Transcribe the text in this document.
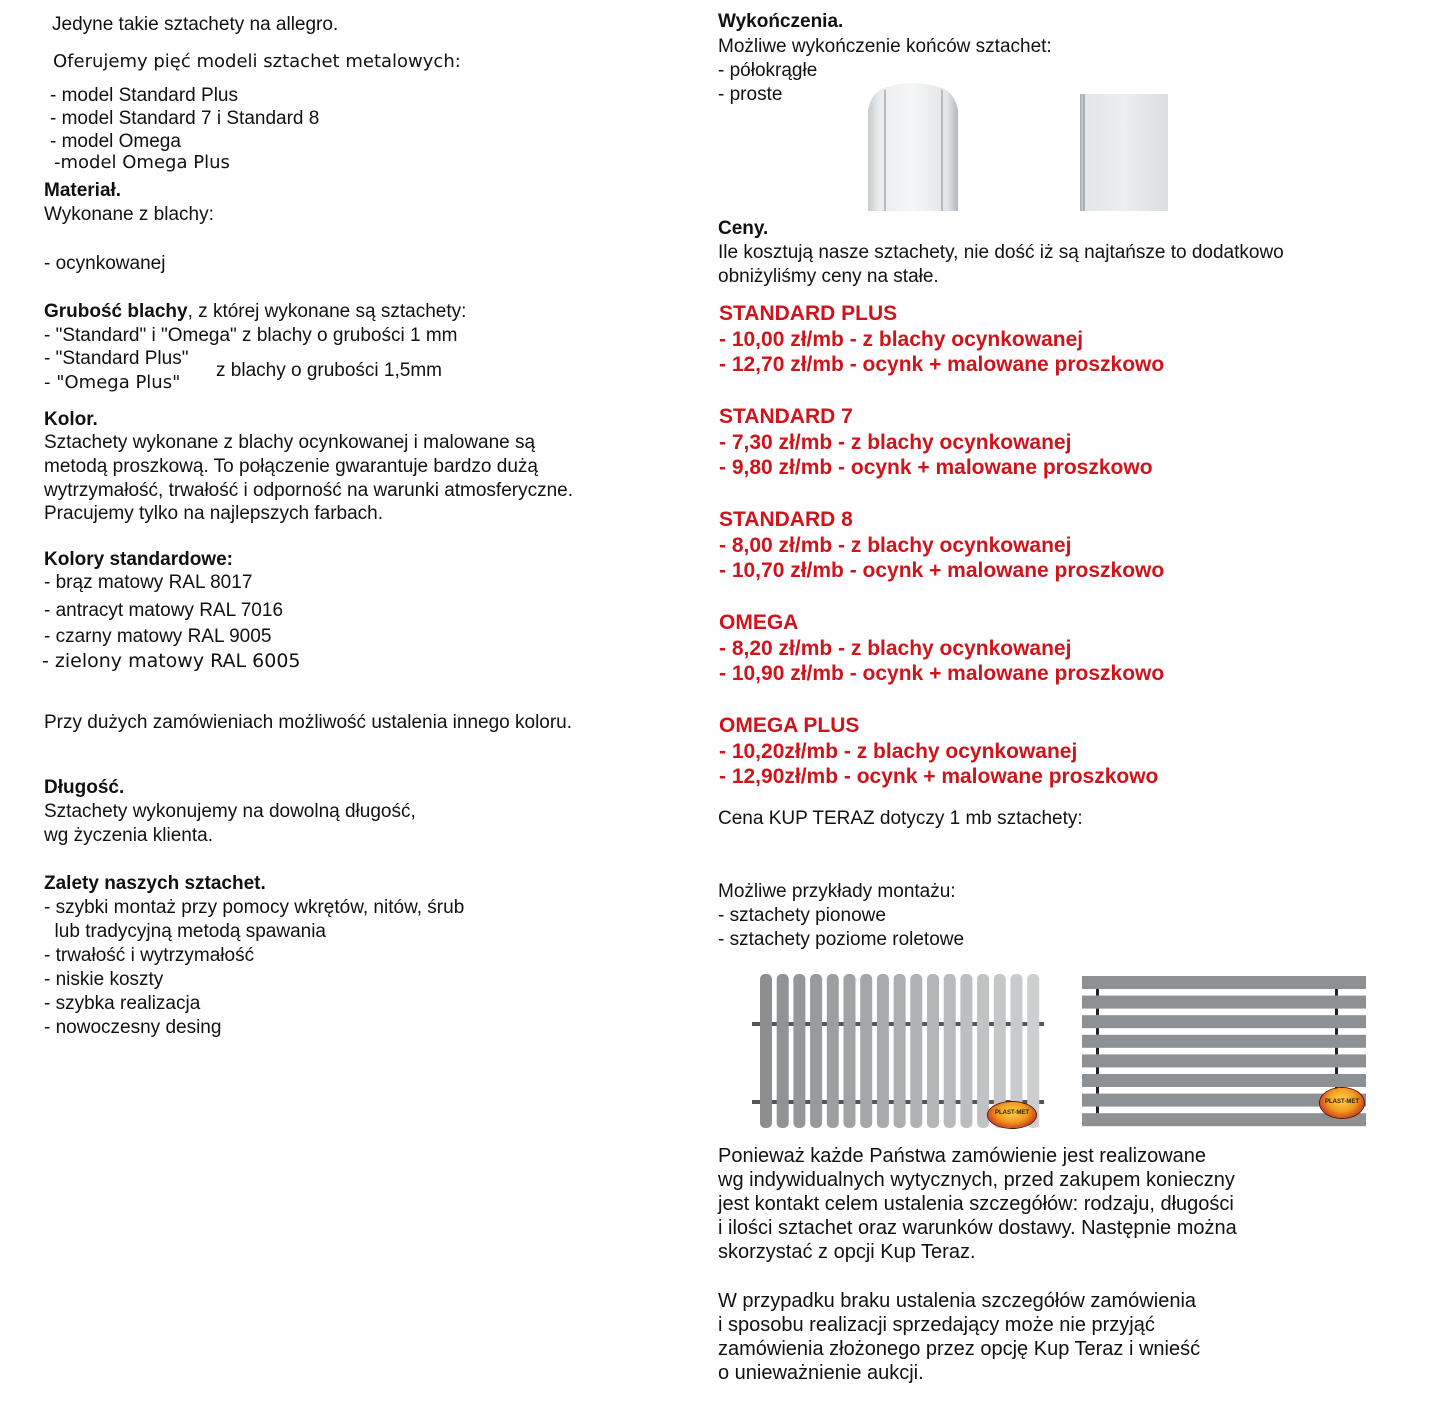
Jedyne takie sztachety na allegro.
Oferujemy pięć modeli sztachet metalowych:
- model Standard Plus
- model Standard 7 i Standard 8
- model Omega
-model Omega Plus
Materiał.
Wykonane z blachy:
- ocynkowanej
Grubość blachy, z której wykonane są sztachety:
- "Standard" i "Omega" z blachy o grubości 1 mm
- "Standard Plus"
- "Omega Plus"
z blachy o grubości 1,5mm
Kolor.
Sztachety wykonane z blachy ocynkowanej i malowane są
metodą proszkową. To połączenie gwarantuje bardzo dużą
wytrzymałość, trwałość i odporność na warunki atmosferyczne.
Pracujemy tylko na najlepszych farbach.
Kolory standardowe:
- brąz matowy RAL 8017
- antracyt matowy RAL 7016
- czarny matowy RAL 9005
- zielony matowy RAL 6005
Przy dużych zamówieniach możliwość ustalenia innego koloru.
Długość.
Sztachety wykonujemy na dowolną długość,
wg życzenia klienta.
Zalety naszych sztachet.
- szybki montaż przy pomocy wkrętów, nitów, śrub
lub tradycyjną metodą spawania
- trwałość i wytrzymałość
- niskie koszty
- szybka realizacja
- nowoczesny desing
Wykończenia.
Możliwe wykończenie końców sztachet:
- półokrągłe
- proste
Ceny.
Ile kosztują nasze sztachety, nie dość iż są najtańsze to dodatkowo
obniżyliśmy ceny na stałe.
STANDARD PLUS
- 10,00 zł/mb - z blachy ocynkowanej
- 12,70 zł/mb - ocynk + malowane proszkowo
STANDARD 7
- 7,30 zł/mb - z blachy ocynkowanej
- 9,80 zł/mb - ocynk + malowane proszkowo
STANDARD 8
- 8,00 zł/mb - z blachy ocynkowanej
- 10,70 zł/mb - ocynk + malowane proszkowo
OMEGA
- 8,20 zł/mb - z blachy ocynkowanej
- 10,90 zł/mb - ocynk + malowane proszkowo
OMEGA PLUS
- 10,20zł/mb - z blachy ocynkowanej
- 12,90zł/mb - ocynk + malowane proszkowo
Cena KUP TERAZ dotyczy 1 mb sztachety:
Możliwe przykłady montażu:
- sztachety pionowe
- sztachety poziome roletowe
PLAST-MET
PLAST-MET
Ponieważ każde Państwa zamówienie jest realizowane
wg indywidualnych wytycznych, przed zakupem konieczny
jest kontakt celem ustalenia szczegółów: rodzaju, długości
i ilości sztachet oraz warunków dostawy. Następnie można
skorzystać z opcji Kup Teraz.
W przypadku braku ustalenia szczegółów zamówienia
i sposobu realizacji sprzedający może nie przyjąć
zamówienia złożonego przez opcję Kup Teraz i wnieść
o unieważnienie aukcji.
